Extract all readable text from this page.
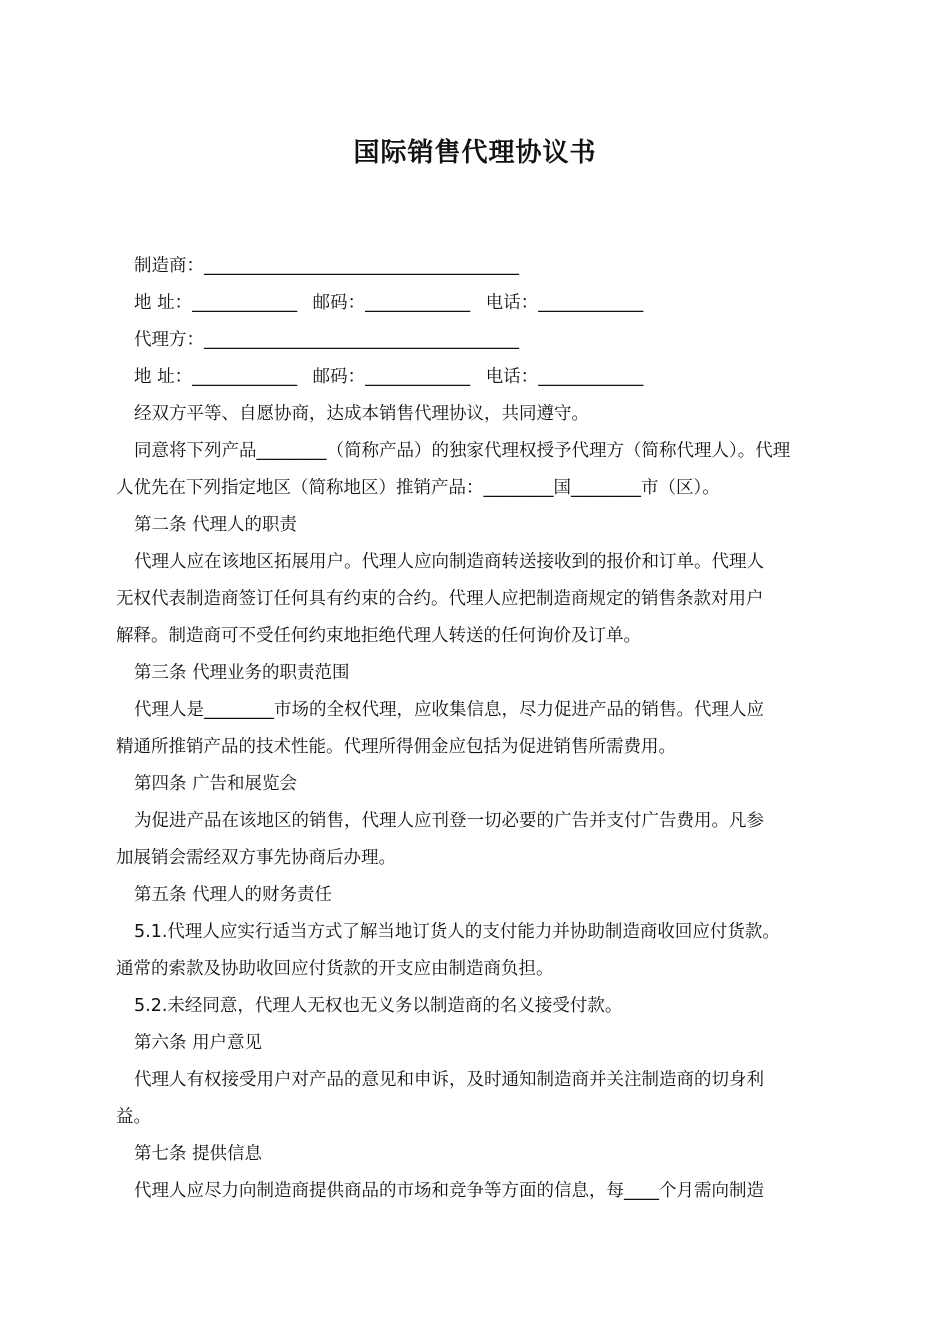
国际销售代理协议书
制造商：____________________________________
地 址：____________ 邮码：____________ 电话：____________
代理方：____________________________________
地 址：____________ 邮码：____________ 电话：____________
经双方平等、自愿协商，达成本销售代理协议，共同遵守。
同意将下列产品________（简称产品）的独家代理权授予代理方（简称代理人）。代理
人优先在下列指定地区（简称地区）推销产品：________国________市（区）。
第二条 代理人的职责
代理人应在该地区拓展用户。代理人应向制造商转送接收到的报价和订单。代理人
无权代表制造商签订任何具有约束的合约。代理人应把制造商规定的销售条款对用户
解释。制造商可不受任何约束地拒绝代理人转送的任何询价及订单。
第三条 代理业务的职责范围
代理人是________市场的全权代理，应收集信息，尽力促进产品的销售。代理人应
精通所推销产品的技术性能。代理所得佣金应包括为促进销售所需费用。
第四条 广告和展览会
为促进产品在该地区的销售，代理人应刊登一切必要的广告并支付广告费用。凡参
加展销会需经双方事先协商后办理。
第五条 代理人的财务责任
5.1.代理人应实行适当方式了解当地订货人的支付能力并协助制造商收回应付货款。
通常的索款及协助收回应付货款的开支应由制造商负担。
5.2.未经同意，代理人无权也无义务以制造商的名义接受付款。
第六条 用户意见
代理人有权接受用户对产品的意见和申诉，及时通知制造商并关注制造商的切身利
益。
第七条 提供信息
代理人应尽力向制造商提供商品的市场和竞争等方面的信息，每____个月需向制造
